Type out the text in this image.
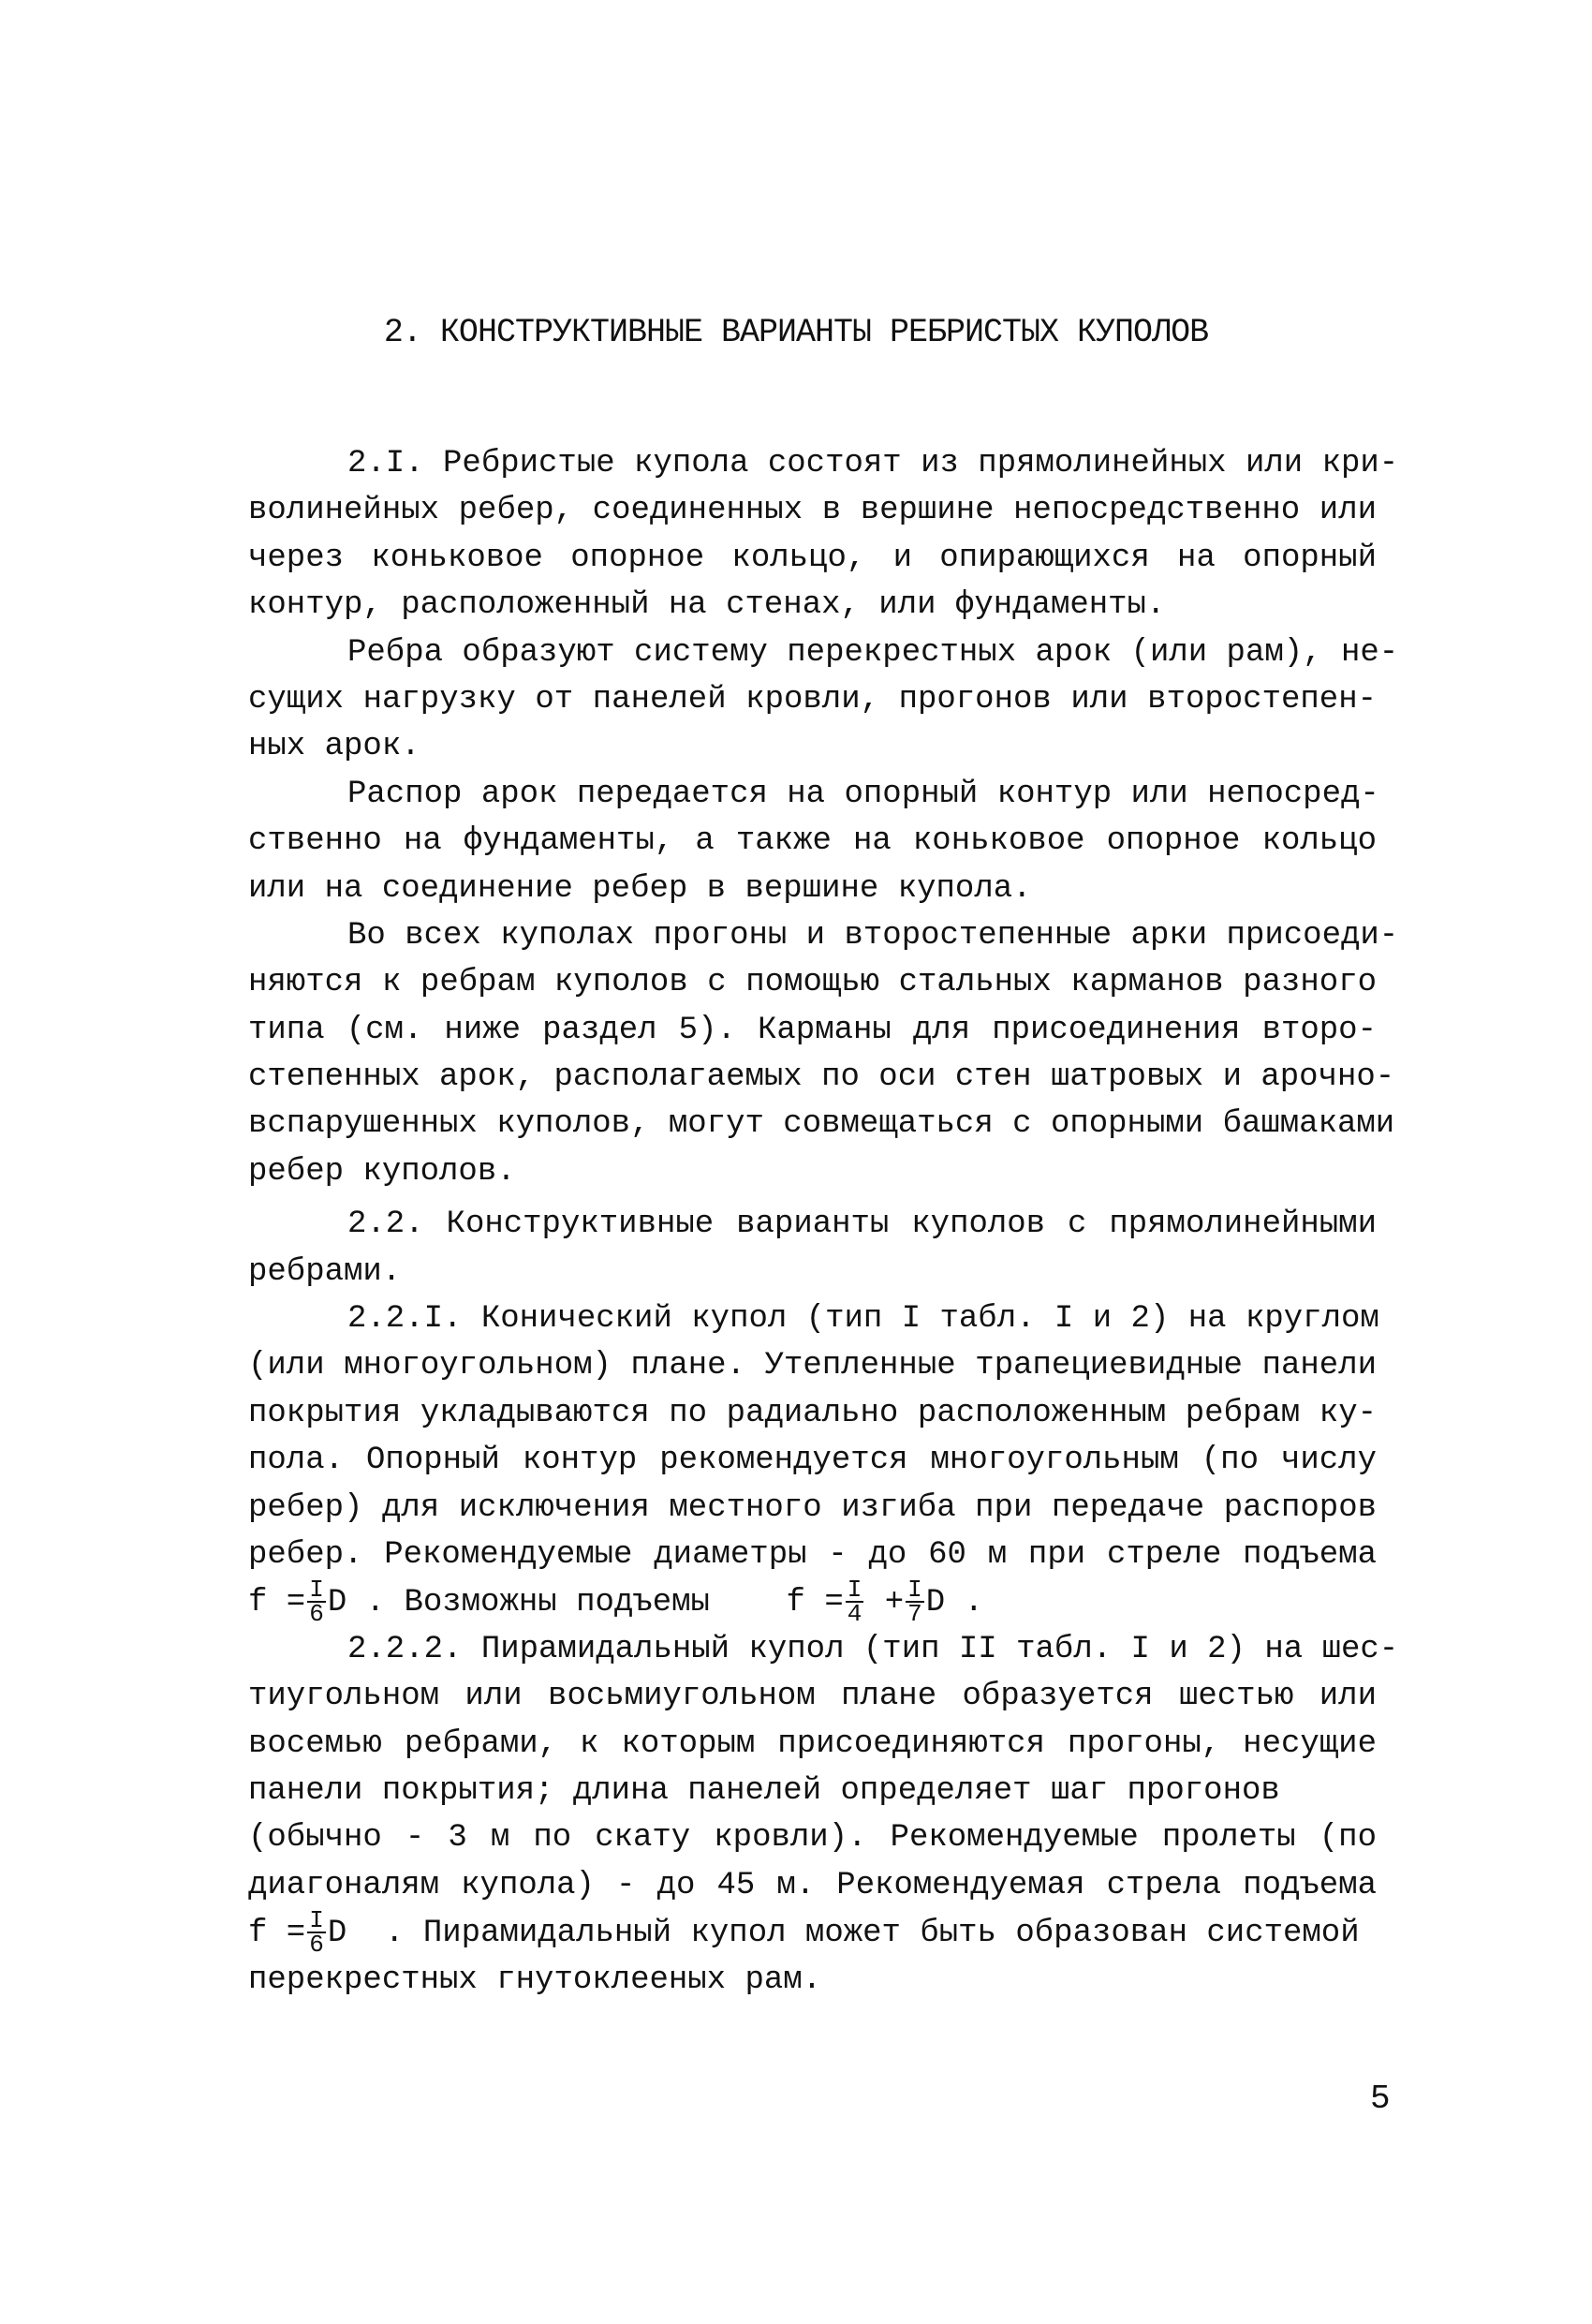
2. КОНСТРУКТИВНЫЕ ВАРИАНТЫ РЕБРИСТЫХ КУПОЛОВ
2.I. Ребристые купола состоят из прямолинейных или кри-
волинейных ребер, соединенных в вершине непосредственно или
через коньковое опорное кольцо, и опирающихся на опорный
контур, расположенный на стенах, или фундаменты.
Ребра образуют систему перекрестных арок (или рам), не-
сущих нагрузку от панелей кровли, прогонов или второстепен-
ных арок.
Распор арок передается на опорный контур или непосред-
ственно на фундаменты, а также на коньковое опорное кольцо
или на соединение ребер в вершине купола.
Во всех куполах прогоны и второстепенные арки присоеди-
няются к ребрам куполов с помощью стальных карманов разного
типа (см. ниже раздел 5). Карманы для присоединения второ-
степенных арок, располагаемых по оси стен шатровых и арочно-
вспарушенных куполов, могут совмещаться с опорными башмаками
ребер куполов.
2.2. Конструктивные варианты куполов с прямолинейными
ребрами.
2.2.I. Конический купол (тип I табл. I и 2) на круглом
(или многоугольном) плане. Утепленные трапециевидные панели
покрытия укладываются по радиально расположенным ребрам ку-
пола. Опорный контур рекомендуется многоугольным (по числу
ребер) для исключения местного изгиба при передаче распоров
ребер. Рекомендуемые диаметры - до 60 м при стреле подъема
$f = \frac{I}{6}$ D . Возможны подъемы $f = \frac{I}{4} + \frac{I}{7}$ D .
2.2.2. Пирамидальный купол (тип II табл. I и 2) на шес-
тиугольном или восьмиугольном плане образуется шестью или
восемью ребрами, к которым присоединяются прогоны, несущие
панели покрытия; длина панелей определяет шаг прогонов
(обычно - 3 м по скату кровли). Рекомендуемые пролеты (по
диагоналям купола) - до 45 м. Рекомендуемая стрела подъема
$f = \frac{I}{6}$ D . Пирамидальный купол может быть образован системой
перекрестных гнутоклееных рам.
5
